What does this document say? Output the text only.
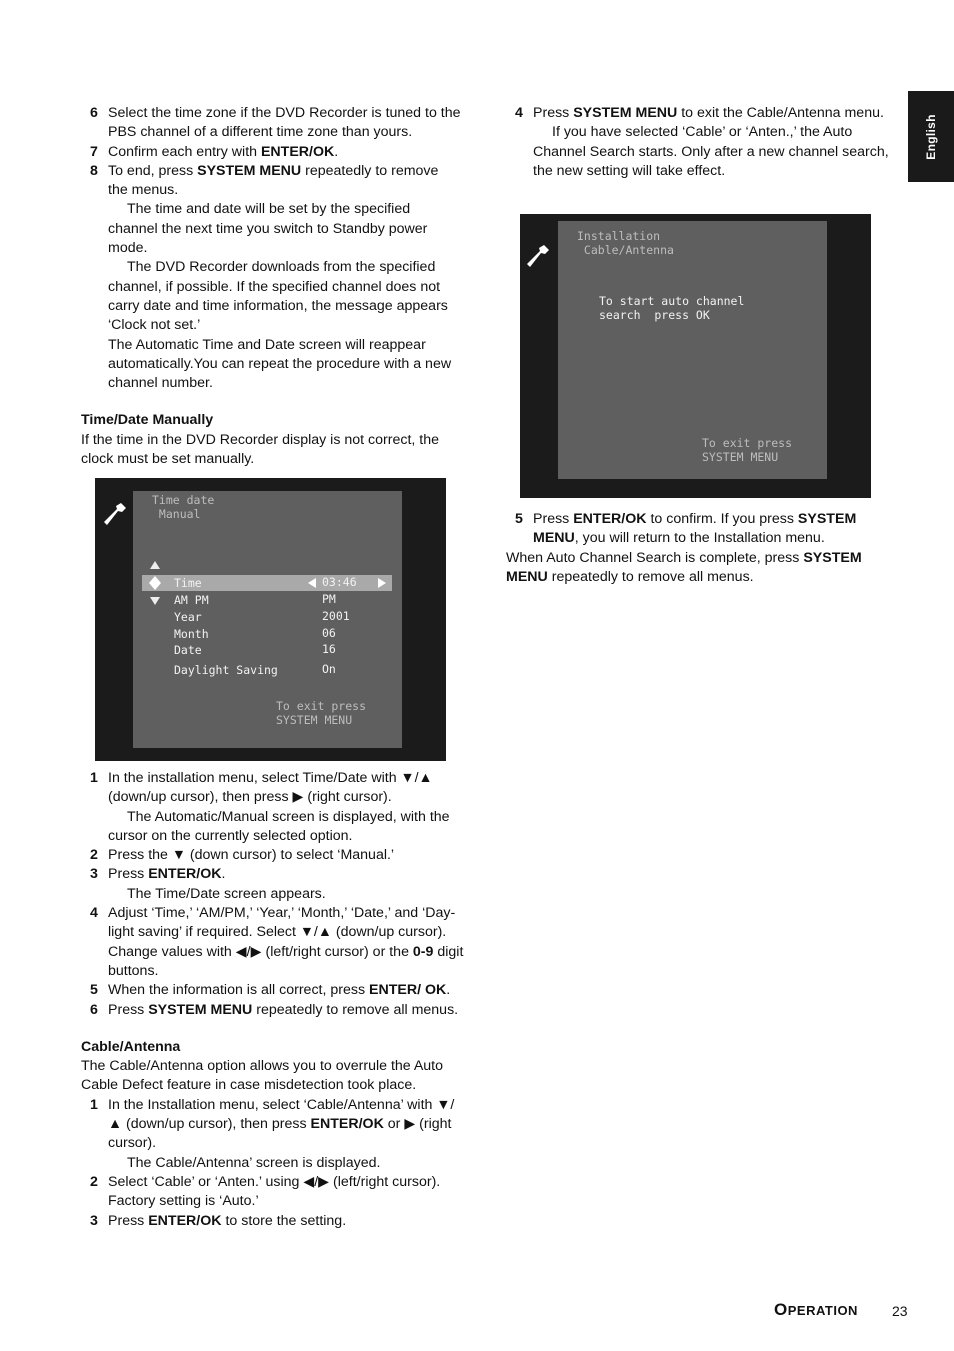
English
6 Select the time zone if the DVD Recorder is tuned to the PBS channel of a different time zone than yours.
7 Confirm each entry with ENTER/OK.
8 To end, press SYSTEM MENU repeatedly to remove the menus.

The time and date will be set by the specified channel the next time you switch to Standby power mode.

The DVD Recorder downloads from the specified channel, if possible. If the specified channel does not carry date and time information, the message appears ‘Clock not set.’

The Automatic Time and Date screen will reappear automatically.You can repeat the procedure with a new channel number.

Time/Date Manually

If the time in the DVD Recorder display is not correct, the clock must be set manually.

Time date
Manual
Time	03:46
AM PM	PM
Year	2001
Month	06
Date	16
Daylight Saving	On
To exit press
SYSTEM MENU
1 In the installation menu, select Time/Date with ▼/▲ (down/up cursor), then press ▶ (right cursor).
The Automatic/Manual screen is displayed, with the cursor on the currently selected option.
2 Press the ▼ (down cursor) to select ‘Manual.’
3 Press ENTER/OK.
The Time/Date screen appears.
4 Adjust ‘Time,’ ‘AM/PM,’ ‘Year,’ ‘Month,’ ‘Date,’ and ‘Day-light saving’ if required. Select ▼/▲ (down/up cursor). Change values with ◀/▶ (left/right cursor) or the 0-9 digit buttons.
5 When the information is all correct, press ENTER/ OK.
6 Press SYSTEM MENU repeatedly to remove all menus.

Cable/Antenna

The Cable/Antenna option allows you to overrule the Auto Cable Defect feature in case misdetection took place.

1 In the Installation menu, select ‘Cable/Antenna’ with ▼/▲ (down/up cursor), then press ENTER/OK or ▶ (right cursor).
The Cable/Antenna’ screen is displayed.
2 Select ‘Cable’ or ‘Anten.’ using ◀/▶ (left/right cursor). Factory setting is ‘Auto.’
3 Press ENTER/OK to store the setting.
4 Press SYSTEM MENU to exit the Cable/Antenna menu.
If you have selected ‘Cable’ or ‘Anten.,’ the Auto Channel Search starts. Only after a new channel search, the new setting will take effect.
Installation
Cable/Antenna
To start auto channel
search  press OK
To exit press
SYSTEM MENU
5 Press ENTER/OK to confirm. If you press SYSTEM MENU, you will return to the Installation menu.

When Auto Channel Search is complete, press SYSTEM MENU repeatedly to remove all menus.

OPERATION 23
